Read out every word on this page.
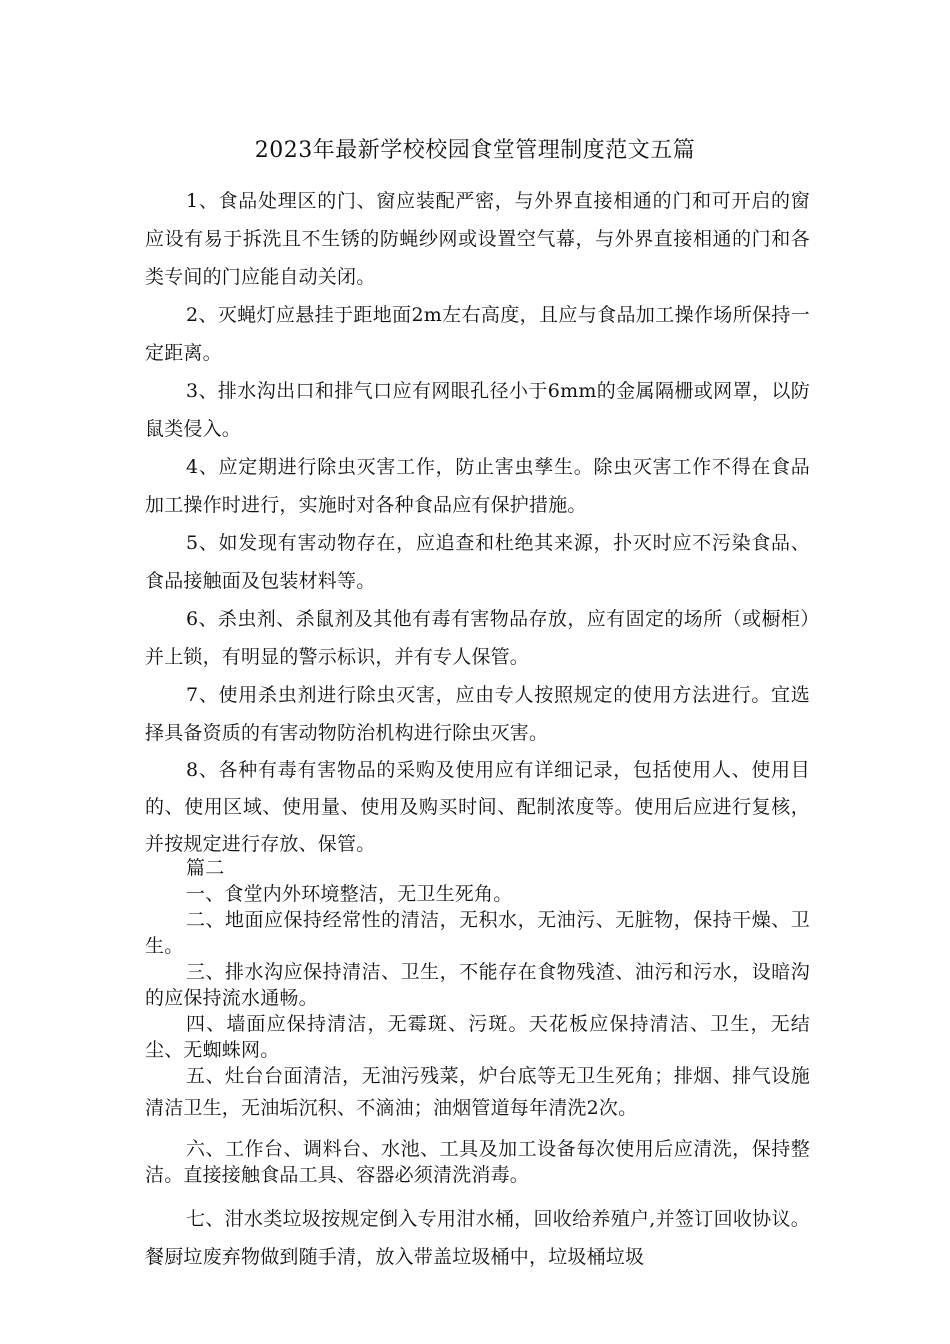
2023年最新学校校园食堂管理制度范文五篇

1、食品处理区的门、窗应装配严密，与外界直接相通的门和可开启的窗应设有易于拆洗且不生锈的防蝇纱网或设置空气幕，与外界直接相通的门和各类专间的门应能自动关闭。

2、灭蝇灯应悬挂于距地面2m左右高度，且应与食品加工操作场所保持一定距离。

3、排水沟出口和排气口应有网眼孔径小于6mm的金属隔栅或网罩，以防鼠类侵入。

4、应定期进行除虫灭害工作，防止害虫孳生。除虫灭害工作不得在食品加工操作时进行，实施时对各种食品应有保护措施。

5、如发现有害动物存在，应追查和杜绝其来源，扑灭时应不污染食品、食品接触面及包装材料等。

6、杀虫剂、杀鼠剂及其他有毒有害物品存放，应有固定的场所（或橱柜）并上锁，有明显的警示标识，并有专人保管。

7、使用杀虫剂进行除虫灭害，应由专人按照规定的使用方法进行。宜选择具备资质的有害动物防治机构进行除虫灭害。

8、各种有毒有害物品的采购及使用应有详细记录，包括使用人、使用目的、使用区域、使用量、使用及购买时间、配制浓度等。使用后应进行复核，并按规定进行存放、保管。

篇二

一、食堂内外环境整洁，无卫生死角。

二、地面应保持经常性的清洁，无积水，无油污、无脏物，保持干燥、卫生。

三、排水沟应保持清洁、卫生，不能存在食物残渣、油污和污水，设暗沟的应保持流水通畅。

四、墙面应保持清洁，无霉斑、污斑。天花板应保持清洁、卫生，无结尘、无蜘蛛网。

五、灶台台面清洁，无油污残菜，炉台底等无卫生死角；排烟、排气设施清洁卫生，无油垢沉积、不滴油；油烟管道每年清洗2次。

六、工作台、调料台、水池、工具及加工设备每次使用后应清洗，保持整洁。直接接触食品工具、容器必须清洗消毒。

七、泔水类垃圾按规定倒入专用泔水桶，回收给养殖户,并签订回收协议。餐厨垃废弃物做到随手清，放入带盖垃圾桶中，垃圾桶垃圾
